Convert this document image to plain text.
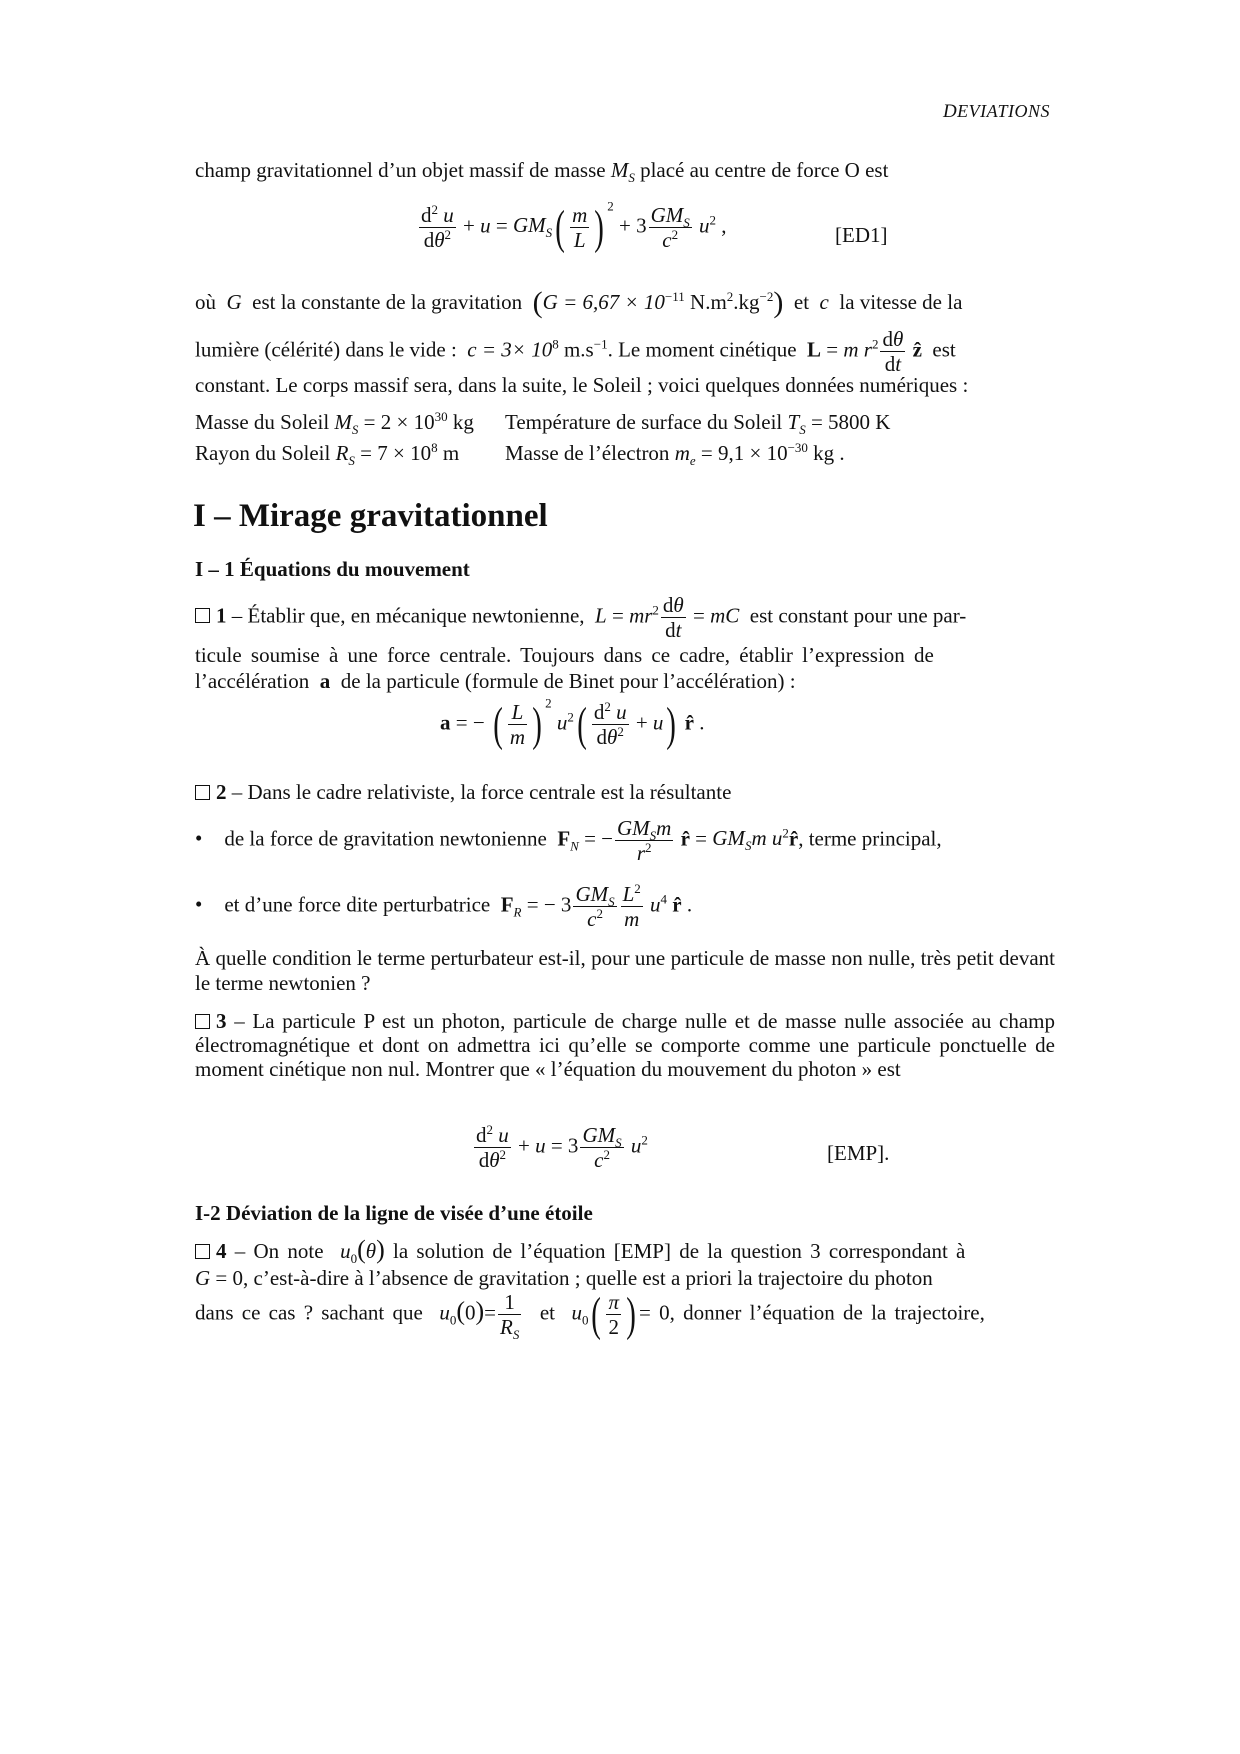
DEVIATIONS
champ gravitationnel d’un objet massif de masse $M_S$ placé au centre de force O est
$\frac{d^2 u}{d\theta^2} + u = GM_S( \frac{m}{L}$ ) $^2 + 3 \frac{GM_S}{c^2} u^2$ ,	[ED1]
où G est la constante de la gravitation ($G = 6,67 \times 10^{-11}$ $N.m^2.kg^{-2}$) et c la vitesse de la
lumière (célérité) dans le vide : $c = 3\times 10^8$ $m.s^{-1}$. Le moment cinétique L = m $r^2 \frac{d\theta}{dt}$ ẑ est

constant. Le corps massif sera, dans la suite, le Soleil ; voici quelques données numériques :

Masse du Soleil $M_S = 2 \times 10^{30}$ kg Température de surface du Soleil $T_S = 5800$ K
Rayon du Soleil $R_S = 7 \times 10^8$ m Masse de l’électron $m_e = 9,1 \times 10^{-30}$ kg .
I – Mirage gravitationnel
I – 1 Équations du mouvement
1 – Établir que, en mécanique newtonienne, $L = mr^2 \frac{d\theta}{dt}$ = mC est constant pour une par-

ticule soumise à une force centrale. Toujours dans ce cadre, établir l’expression de

l’accélération a de la particule (formule de Binet pour l’accélération) :
a = − ( $\frac{L}{m}$ ) $^2$ $u^2( \frac{d^2 u}{d\theta^2} + u)$ r̂ .
2 – Dans le cadre relativiste, la force centrale est la résultante
• de la force de gravitation newtonienne $F_N$ = − $\frac{GM_Sm}{r^2}$ r̂ = $GM_Sm$ $u^2r̂$, terme principal,
• et d’une force dite perturbatrice $F_R$ = − $3 \frac{GM_S}{c^2} \frac{L^2}{m} u^4$ r̂ .

À quelle condition le terme perturbateur est-il, pour une particule de masse non nulle, très petit devant le terme newtonien ?

3 – La particule P est un photon, particule de charge nulle et de masse nulle associée au champ électromagnétique et dont on admettra ici qu’elle se comporte comme une particule ponctuelle de moment cinétique non nul. Montrer que « l’équation du mouvement du photon » est

$\frac{d^2 u}{d\theta^2} + u = 3 \frac{GM_S}{c^2} u^2$
[EMP].
I-2 Déviation de la ligne de visée d’une étoile
4 – On note $u_0(\theta)$ la solution de l’équation [EMP] de la question 3 correspondant à
G = 0, c’est-à-dire à l’absence de gravitation ; quelle est a priori la trajectoire du photon
dans ce cas ? sachant que $u_0(0)= \frac{1}{R_S}$ et $u_0( \frac{\pi}{2}$ ) = 0, donner l’équation de la trajectoire,
